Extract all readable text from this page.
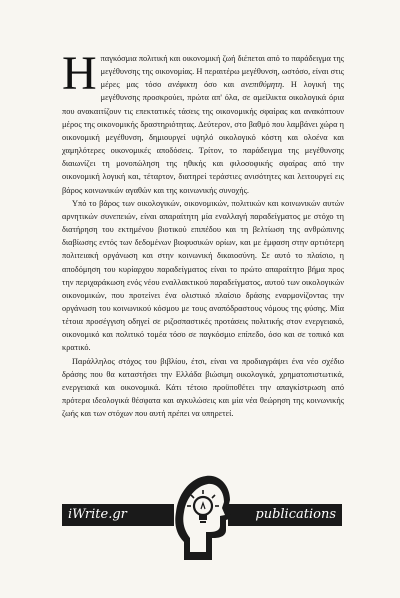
Η παγκόσμια πολιτική και οικονομική ζωή διέπεται από το παράδειγμα της μεγέθυνσης της οικονομίας. Η περαιτέρω μεγέθυνση, ωστόσο, είναι στις μέρες μας τόσο ανέφικτη όσο και ανεπιθύμητη. Η λογική της μεγέθυνσης προσκρούει, πρώτα απ' όλα, σε αμείλικτα οικολογικά όρια που ανακαιτίζουν τις επεκτατικές τάσεις της οικονομικής σφαίρας και ανακόπτουν μέρος της οικονομικής δραστηριότητας. Δεύτερον, στο βαθμό που λαμβάνει χώρα η οικονομική μεγέθυνση, δημιουργεί υψηλό οικολογικό κόστη και ολοένα και χαμηλότερες οικονομικές αποδόσεις. Τρίτον, το παράδειγμα της μεγέθυνσης διαιωνίζει τη μονοπώληση της ηθικής και φιλοσοφικής σφαίρας από την οικονομική λογική και, τέταρτον, διατηρεί τεράστιες ανισότητες και λειτουργεί εις βάρος κοινωνικών αγαθών και της κοινωνικής συνοχής.

Υπό το βάρος των οικολογικών, οικονομικών, πολιτικών και κοινωνικών αυτών αρνητικών συνεπειών, είναι απαραίτητη μία εναλλαγή παραδείγματος με στόχο τη διατήρηση του εκτημένου βιοτικού επιπέδου και τη βελτίωση της ανθρώπινης διαβίωσης εντός των δεδομένων βιοφυσικών ορίων, και με έμφαση στην αρτιότερη πολιτειακή οργάνωση και στην κοινωνική δικαιοσύνη. Σε αυτό το πλαίσιο, η αποδόμηση του κυρίαρχου παραδείγματος είναι το πρώτο απαραίτητο βήμα προς την περιχαράκωση ενός νέου εναλλακτικού παραδείγματος, αυτού των οικολογικών οικονομικών, που προτείνει ένα ολιστικό πλαίσιο δράσης εναρμονίζοντας την οργάνωση του κοινωνικού κόσμου με τους αναπόδραστους νόμους της φύσης. Μία τέτοια προσέγγιση οδηγεί σε ριζοσπαστικές προτάσεις πολιτικής στον ενεργειακό, οικονομικό και πολιτικό τομέα τόσο σε παγκόσμιο επίπεδο, όσο και σε τοπικό και κρατικό.

Παράλληλος στόχος του βιβλίου, έτσι, είναι να προδιαγράψει ένα νέο σχέδιο δράσης που θα καταστήσει την Ελλάδα βιώσιμη οικολογικά, χρηματοπιστωτικά, ενεργειακά και οικονομικά. Κάτι τέτοιο προϋποθέτει την απαγκίστρωση από πρότερα ιδεολογικά θέσφατα και αγκυλώσεις και μία νέα θεώρηση της κοινωνικής ζωής και των στόχων που αυτή πρέπει να υπηρετεί.

iWrite.gr	publications
